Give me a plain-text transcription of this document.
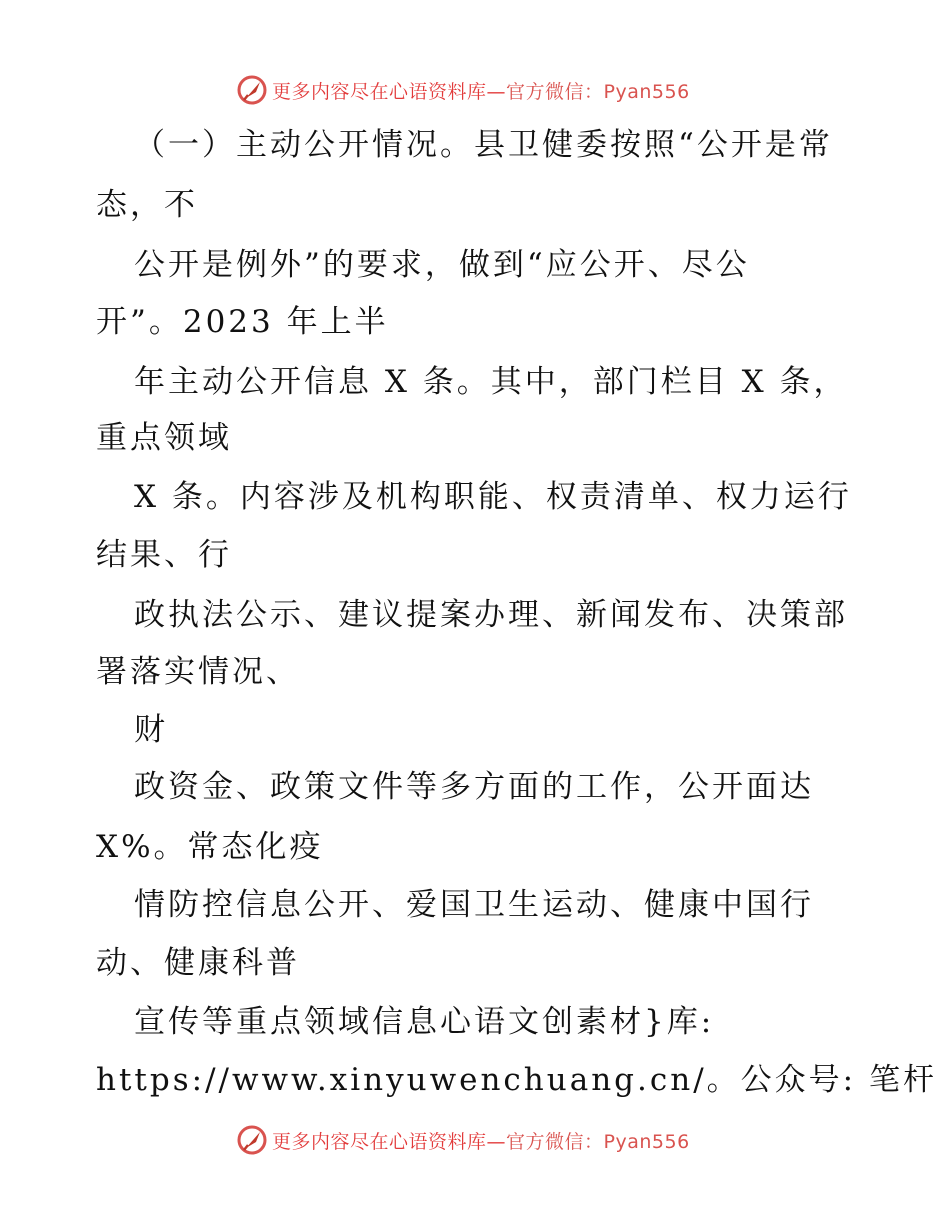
更多内容尽在心语资料库—官方微信：Pyan556
（一）主动公开情况。县卫健委按照“公开是常
态，不
公开是例外”的要求，做到“应公开、尽公
开”。2023 年上半
年主动公开信息 X 条。其中，部门栏目 X 条，
重点领域
X 条。内容涉及机构职能、权责清单、权力运行
结果、行
政执法公示、建议提案办理、新闻发布、决策部
署落实情况、
财
政资金、政策文件等多方面的工作，公开面达
X%。常态化疫
情防控信息公开、爱国卫生运动、健康中国行
动、健康科普
宣传等重点领域信息心语文创素材}库:
https://www.xinyuwenchuang.cn/。公众号: 笔杆
更多内容尽在心语资料库—官方微信：Pyan556
